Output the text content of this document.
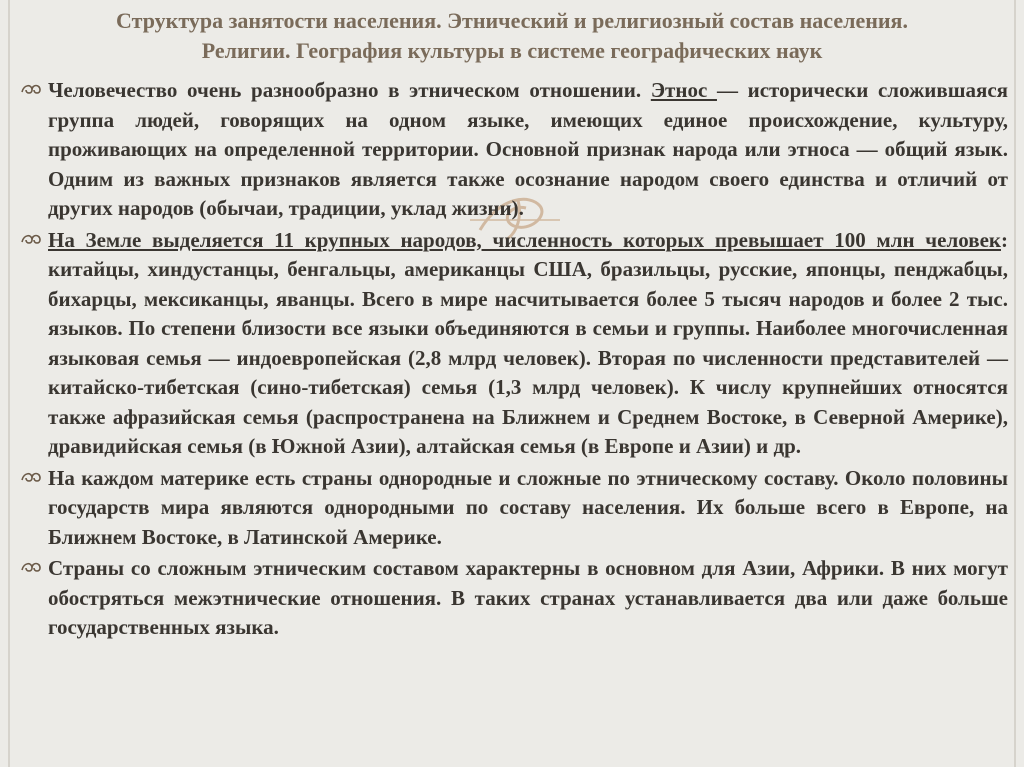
Структура занятости населения. Этнический и религиозный состав населения.
Религии. География культуры в системе географических наук

Человечество очень разнообразно в этническом отношении. Этнос — исторически сложившаяся группа людей, говорящих на одном языке, имеющих единое происхождение, культуру, проживающих на определенной территории. Основной признак народа или этноса — общий язык. Одним из важных признаков является также осознание народом своего единства и отличий от других народов (обычаи, традиции, уклад жизни).

На Земле выделяется 11 крупных народов, численность которых превышает 100 млн человек: китайцы, хиндустанцы, бенгальцы, американцы США, бразильцы, русские, японцы, пенджабцы, бихарцы, мексиканцы, яванцы. Всего в мире насчитывается более 5 тысяч народов и более 2 тыс. языков. По степени близости все языки объединяются в семьи и группы. Наиболее многочисленная языковая семья — индоевропейская (2,8 млрд человек). Вторая по численности представителей — китайско-тибетская (сино-тибетская) семья (1,3 млрд человек). К числу крупнейших относятся также афразийская семья (распространена на Ближнем и Среднем Востоке, в Северной Америке), дравидийская семья (в Южной Азии), алтайская семья (в Европе и Азии) и др.

На каждом материке есть страны однородные и сложные по этническому составу. Около половины государств мира являются однородными по составу населения. Их больше всего в Европе, на Ближнем Востоке, в Латинской Америке.

Страны со сложным этническим составом характерны в основном для Азии, Африки. В них могут обостряться межэтнические отношения. В таких странах устанавливается два или даже больше государственных языка.
